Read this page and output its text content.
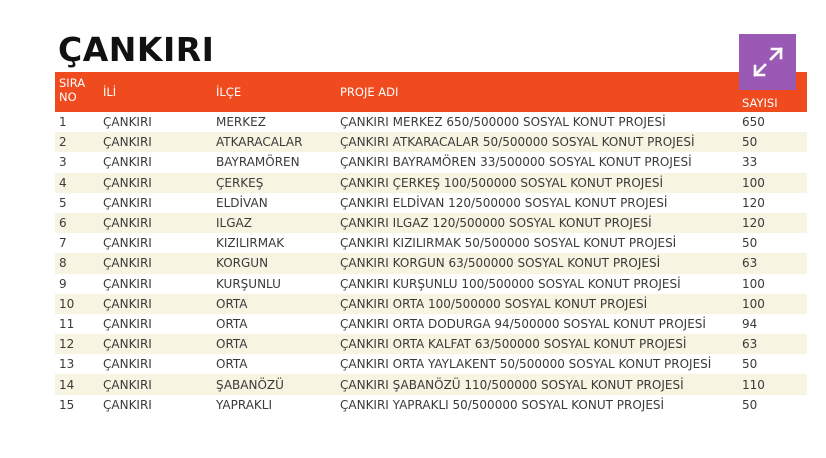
ÇANKIRI
SIRA NO	İLİ	İLÇE	PROJE ADI	SAYISI
1	ÇANKIRI	MERKEZ	ÇANKIRI MERKEZ 650/500000 SOSYAL KONUT PROJESİ	650
2	ÇANKIRI	ATKARACALAR	ÇANKIRI ATKARACALAR 50/500000 SOSYAL KONUT PROJESİ	50
3	ÇANKIRI	BAYRAMÖREN	ÇANKIRI BAYRAMÖREN 33/500000 SOSYAL KONUT PROJESİ	33
4	ÇANKIRI	ÇERKEŞ	ÇANKIRI ÇERKEŞ 100/500000 SOSYAL KONUT PROJESİ	100
5	ÇANKIRI	ELDİVAN	ÇANKIRI ELDİVAN 120/500000 SOSYAL KONUT PROJESİ	120
6	ÇANKIRI	ILGAZ	ÇANKIRI ILGAZ 120/500000 SOSYAL KONUT PROJESİ	120
7	ÇANKIRI	KIZILIRMAK	ÇANKIRI KIZILIRMAK 50/500000 SOSYAL KONUT PROJESİ	50
8	ÇANKIRI	KORGUN	ÇANKIRI KORGUN 63/500000 SOSYAL KONUT PROJESİ	63
9	ÇANKIRI	KURŞUNLU	ÇANKIRI KURŞUNLU 100/500000 SOSYAL KONUT PROJESİ	100
10	ÇANKIRI	ORTA	ÇANKIRI ORTA 100/500000 SOSYAL KONUT PROJESİ	100
11	ÇANKIRI	ORTA	ÇANKIRI ORTA DODURGA 94/500000 SOSYAL KONUT PROJESİ	94
12	ÇANKIRI	ORTA	ÇANKIRI ORTA KALFAT 63/500000 SOSYAL KONUT PROJESİ	63
13	ÇANKIRI	ORTA	ÇANKIRI ORTA YAYLAKENT 50/500000 SOSYAL KONUT PROJESİ	50
14	ÇANKIRI	ŞABANÖZÜ	ÇANKIRI ŞABANÖZÜ 110/500000 SOSYAL KONUT PROJESİ	110
15	ÇANKIRI	YAPRAKLI	ÇANKIRI YAPRAKLI 50/500000 SOSYAL KONUT PROJESİ	50
